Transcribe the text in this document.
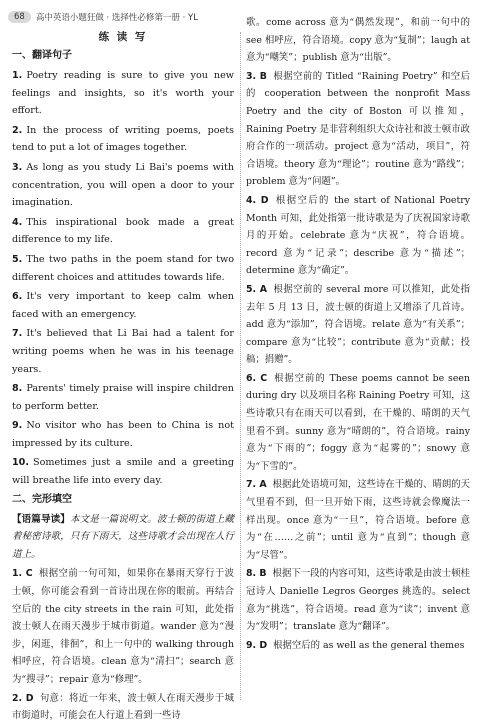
68	高中英语小题狂做 · 选择性必修第一册 · YL
练 读 写
一、翻译句子

1. Poetry reading is sure to give you new feelings and insights, so it's worth your effort.

2. In the process of writing poems, poets tend to put a lot of images together.

3. As long as you study Li Bai's poems with concentration, you will open a door to your imagination.

4. This inspirational book made a great difference to my life.

5. The two paths in the poem stand for two different choices and attitudes towards life.

6. It's very important to keep calm when faced with an emergency.

7. It's believed that Li Bai had a talent for writing poems when he was in his teenage years.

8. Parents' timely praise will inspire children to perform better.

9. No visitor who has been to China is not impressed by its culture.

10. Sometimes just a smile and a greeting will breathe life into every day.

二、完形填空

【语篇导读】本文是一篇说明文。波士顿的街道上藏着秘密诗歌，只有下雨天，这些诗歌才会出现在人行道上。

1. C 根据空前一句可知，如果你在暴雨天穿行于波士顿，你可能会看到一首诗出现在你的眼前。再结合空后的 the city streets in the rain 可知，此处指波士顿人在雨天漫步于城市街道。wander 意为“漫步，闲逛，徘徊”，和上一句中的 walking through 相呼应，符合语境。clean 意为“清扫”；search 意为“搜寻”；repair 意为“修理”。

2. D 句意：将近一年来，波士顿人在雨天漫步于城市街道时，可能会在人行道上看到一些诗

歌。come across 意为“偶然发现”，和前一句中的 see 相呼应，符合语境。copy 意为“复制”；laugh at 意为“嘲笑”；publish 意为“出版”。

3. B 根据空前的 Titled “Raining Poetry” 和空后的 cooperation between the nonprofit Mass Poetry and the city of Boston 可以推知，Raining Poetry 是非营利组织大众诗社和波士顿市政府合作的一项活动。project 意为“活动，项目”，符合语境。theory 意为“理论”；routine 意为“路线”；problem 意为“问题”。

4. D 根据空后的 the start of National Poetry Month 可知，此处指第一批诗歌是为了庆祝国家诗歌月的开始。celebrate 意为“庆祝”，符合语境。record 意为“记录”；describe 意为“描述”；determine 意为“确定”。

5. A 根据空前的 several more 可以推知，此处指去年 5 月 13 日，波士顿的街道上又增添了几首诗。add 意为“添加”，符合语境。relate 意为“有关系”；compare 意为“比较”；contribute 意为“贡献；投稿；捐赠”。

6. C 根据空前的 These poems cannot be seen during dry 以及项目名称 Raining Poetry 可知，这些诗歌只有在雨天可以看到，在干燥的、晴朗的天气里看不到。sunny 意为“晴朗的”，符合语境。rainy 意为“下雨的”；foggy 意为“起雾的”；snowy 意为“下雪的”。

7. A 根据此处语境可知，这些诗在干燥的、晴朗的天气里看不到，但一旦开始下雨，这些诗就会像魔法一样出现。once 意为“一旦”，符合语境。before 意为“在……之前”；until 意为“直到”；though 意为“尽管”。

8. B 根据下一段的内容可知，这些诗歌是由波士顿桂冠诗人 Danielle Legros Georges 挑选的。select 意为“挑选”，符合语境。read 意为“读”；invent 意为“发明”；translate 意为“翻译”。

9. D 根据空后的 as well as the general themes
